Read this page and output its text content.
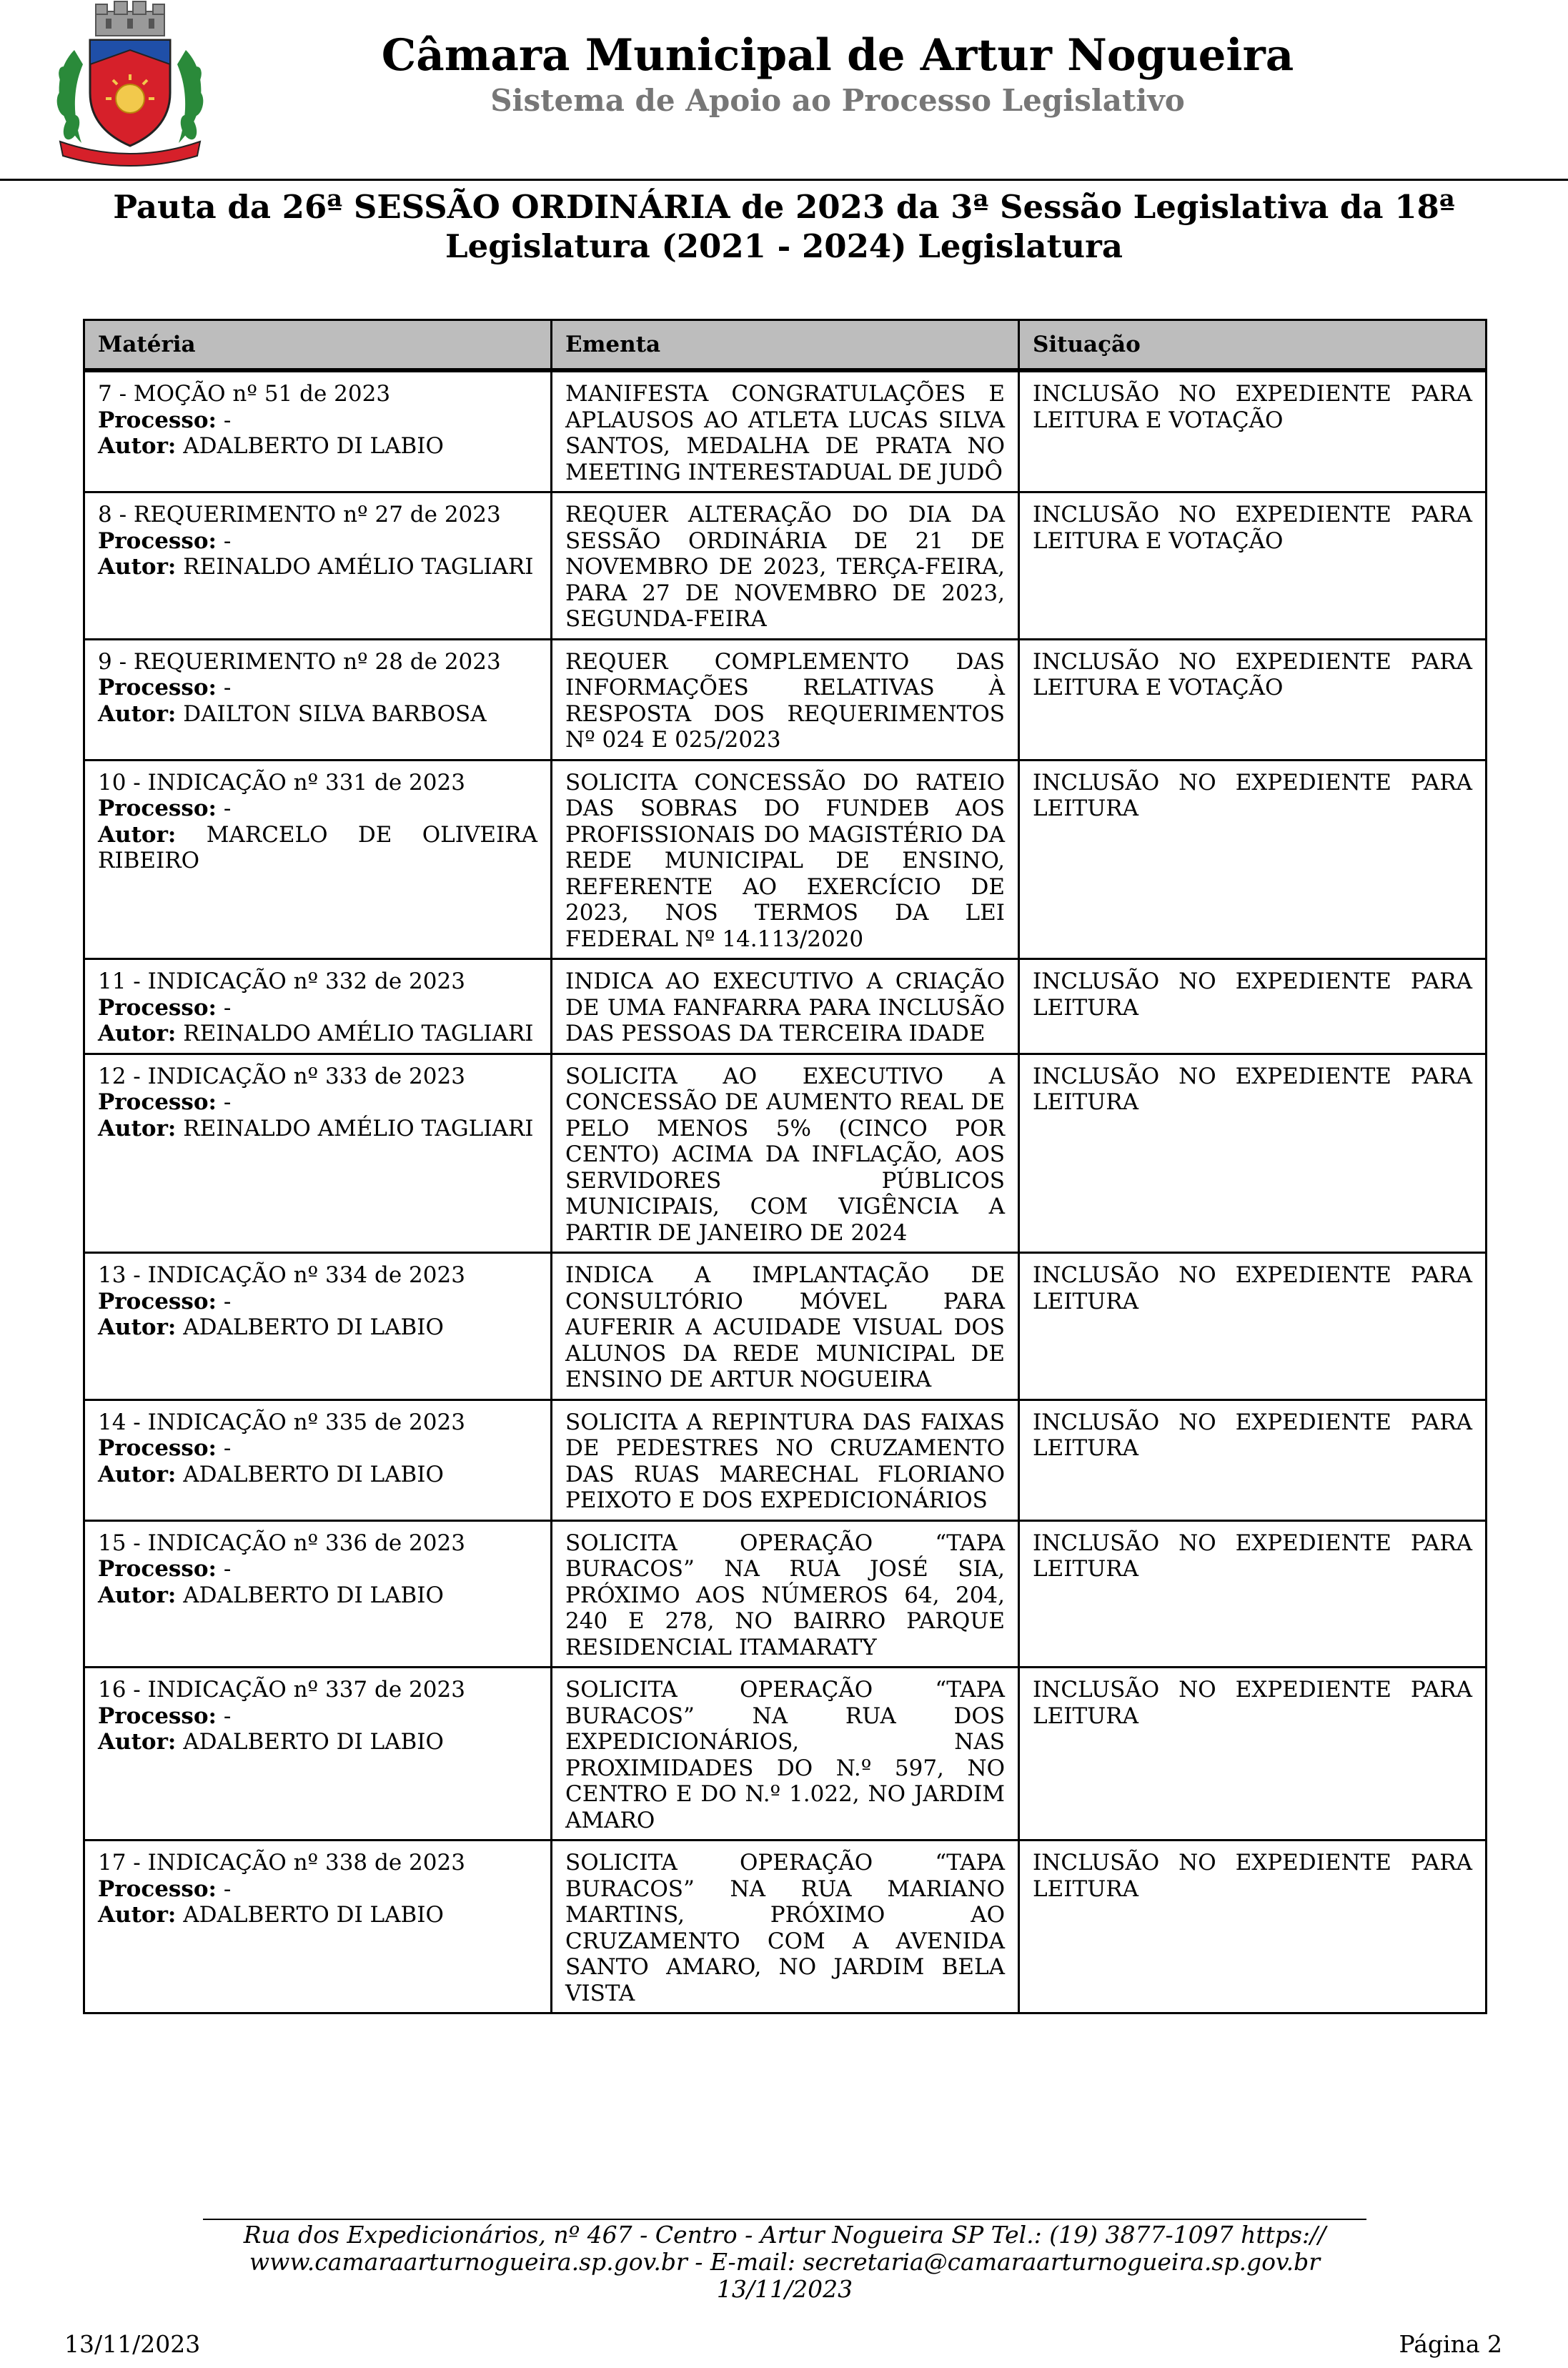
Câmara Municipal de Artur Nogueira
Sistema de Apoio ao Processo Legislativo
Pauta da 26ª SESSÃO ORDINÁRIA de 2023 da 3ª Sessão Legislativa da 18ª Legislatura (2021 - 2024) Legislatura
Matéria	Ementa	Situação

7 - MOÇÃO nº 51 de 2023
Processo: -
Autor: ADALBERTO DI LABIO	MANIFESTA CONGRATULAÇÕES E APLAUSOS AO ATLETA LUCAS SILVA SANTOS, MEDALHA DE PRATA NO MEETING INTERESTADUAL DE JUDÔ	INCLUSÃO NO EXPEDIENTE PARA LEITURA E VOTAÇÃO

8 - REQUERIMENTO nº 27 de 2023
Processo: -
Autor: REINALDO AMÉLIO TAGLIARI	REQUER ALTERAÇÃO DO DIA DA SESSÃO ORDINÁRIA DE 21 DE NOVEMBRO DE 2023, TERÇA-FEIRA, PARA 27 DE NOVEMBRO DE 2023, SEGUNDA-FEIRA	INCLUSÃO NO EXPEDIENTE PARA LEITURA E VOTAÇÃO

9 - REQUERIMENTO nº 28 de 2023
Processo: -
Autor: DAILTON SILVA BARBOSA	REQUER COMPLEMENTO DAS INFORMAÇÕES RELATIVAS À RESPOSTA DOS REQUERIMENTOS Nº 024 E 025/2023	INCLUSÃO NO EXPEDIENTE PARA LEITURA E VOTAÇÃO

10 - INDICAÇÃO nº 331 de 2023
Processo: -
Autor: MARCELO DE OLIVEIRA RIBEIRO	SOLICITA CONCESSÃO DO RATEIO DAS SOBRAS DO FUNDEB AOS PROFISSIONAIS DO MAGISTÉRIO DA REDE MUNICIPAL DE ENSINO, REFERENTE AO EXERCÍCIO DE 2023, NOS TERMOS DA LEI FEDERAL Nº 14.113/2020	INCLUSÃO NO EXPEDIENTE PARA LEITURA

11 - INDICAÇÃO nº 332 de 2023
Processo: -
Autor: REINALDO AMÉLIO TAGLIARI	INDICA AO EXECUTIVO A CRIAÇÃO DE UMA FANFARRA PARA INCLUSÃO DAS PESSOAS DA TERCEIRA IDADE	INCLUSÃO NO EXPEDIENTE PARA LEITURA

12 - INDICAÇÃO nº 333 de 2023
Processo: -
Autor: REINALDO AMÉLIO TAGLIARI	SOLICITA AO EXECUTIVO A CONCESSÃO DE AUMENTO REAL DE PELO MENOS 5% (CINCO POR CENTO) ACIMA DA INFLAÇÃO, AOS SERVIDORES PÚBLICOS MUNICIPAIS, COM VIGÊNCIA A PARTIR DE JANEIRO DE 2024	INCLUSÃO NO EXPEDIENTE PARA LEITURA

13 - INDICAÇÃO nº 334 de 2023
Processo: -
Autor: ADALBERTO DI LABIO	INDICA A IMPLANTAÇÃO DE CONSULTÓRIO MÓVEL PARA AUFERIR A ACUIDADE VISUAL DOS ALUNOS DA REDE MUNICIPAL DE ENSINO DE ARTUR NOGUEIRA	INCLUSÃO NO EXPEDIENTE PARA LEITURA

14 - INDICAÇÃO nº 335 de 2023
Processo: -
Autor: ADALBERTO DI LABIO	SOLICITA A REPINTURA DAS FAIXAS DE PEDESTRES NO CRUZAMENTO DAS RUAS MARECHAL FLORIANO PEIXOTO E DOS EXPEDICIONÁRIOS	INCLUSÃO NO EXPEDIENTE PARA LEITURA

15 - INDICAÇÃO nº 336 de 2023
Processo: -
Autor: ADALBERTO DI LABIO	SOLICITA OPERAÇÃO “TAPA BURACOS” NA RUA JOSÉ SIA, PRÓXIMO AOS NÚMEROS 64, 204, 240 E 278, NO BAIRRO PARQUE RESIDENCIAL ITAMARATY	INCLUSÃO NO EXPEDIENTE PARA LEITURA

16 - INDICAÇÃO nº 337 de 2023
Processo: -
Autor: ADALBERTO DI LABIO	SOLICITA OPERAÇÃO “TAPA BURACOS” NA RUA DOS EXPEDICIONÁRIOS, NAS PROXIMIDADES DO N.º 597, NO CENTRO E DO N.º 1.022, NO JARDIM AMARO	INCLUSÃO NO EXPEDIENTE PARA LEITURA

17 - INDICAÇÃO nº 338 de 2023
Processo: -
Autor: ADALBERTO DI LABIO	SOLICITA OPERAÇÃO “TAPA BURACOS” NA RUA MARIANO MARTINS, PRÓXIMO AO CRUZAMENTO COM A AVENIDA SANTO AMARO, NO JARDIM BELA VISTA	INCLUSÃO NO EXPEDIENTE PARA LEITURA
Rua dos Expedicionários, nº 467 - Centro - Artur Nogueira SP Tel.: (19) 3877-1097 https:// www.camaraarturnogueira.sp.gov.br - E-mail: secretaria@camaraarturnogueira.sp.gov.br 13/11/2023
13/11/2023	Página 2
